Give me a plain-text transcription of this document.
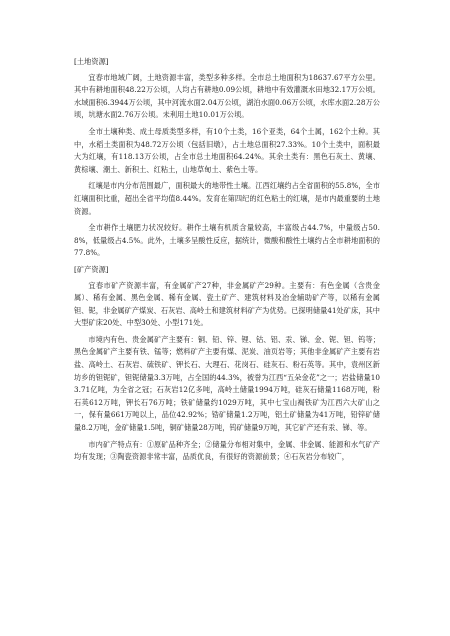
[土地资源]

宜春市地域广阔，土地资源丰富，类型多种多样。全市总土地面积为18637.67平方公里。其中有耕地面积48.22万公顷，人均占有耕地0.09公顷，耕地中有效灌溉水田地32.17万公顷。水域面积6.3944万公顷，其中河流水面2.04万公顷，湖泊水面0.06万公顷，水库水面2.28万公顷，坑塘水面2.76万公顷。未利用土地10.01万公顷。

全市土壤种类、成土母质类型多样，有10个土类，16个亚类，64个土属，162个土种。其中，水稻土类面积为48.72万公顷（包括旧墩），占土地总面积27.33%。10个土类中，面积最大为红壤，有118.13万公顷，占全市总土地面积64.24%。其余土类有：黑色石灰土、黄壤、黄棕壤、潮土、新积土、红粘土，山地草甸土、紫色土等。

红壤是市内分布范围最广，面积最大的地带性土壤。江西红壤约占全省面积的55.8%，全市红壤面积比重，超出全省平均值8.44%。发育在第四纪的红色粘土的红壤，是市内最重要的土地资源。

全市耕作土壤肥力状况较好。耕作土壤有机质含量较高，丰富级占44.7%，中量级占50.8%，低量级占4.5%。此外，土壤多呈酸性反应，据统计，微酸和酸性土壤约占全市耕地面积的77.8%。

[矿产资源]

宜春市矿产资源丰富，有金属矿产27种，非金属矿产29种。主要有：有色金属（含贵金属）、稀有金属、黑色金属、稀有金属、瓷土矿产、建筑材料及冶金辅助矿产等，以稀有金属钽、铌，非金属矿产煤炭、石灰岩、高岭土和建筑材料矿产为优势。已探明储量41处矿床，其中大型矿床20处、中型30处、小型171处。

市境内有色、贵金属矿产主要有：铜、铅、锌、锂、钴、铝、汞、锑、金、铌、钽、钨等；黑色金属矿产主要有铁、锰等；燃料矿产主要有煤、泥炭、油页岩等；其他非金属矿产主要有岩盐、高岭土、石灰岩、硫铁矿、钾长石、大理石、花岗石、硅灰石、粉石英等。其中，袁州区新坊乡的钽铌矿，钽铌储量3.3万吨，占全国的44.3%，被誉为江西“五朵金花”之一；岩盐储量103.71亿吨，为全省之冠；石灰岩12亿多吨，高岭土储量1994万吨，硅灰石储量1168万吨，粉石英612万吨，钾长石76万吨；铁矿储量约1029万吨，其中七宝山褐铁矿为江西六大矿山之一，保有量661万吨以上，品位42.92%；锆矿储量1.2万吨，铝土矿储量为41万吨，铅锌矿储量8.2万吨，金矿储量1.5吨，铜矿储量28万吨，钨矿储量9万吨，其它矿产还有汞、锑、等。

市内矿产特点有：①原矿品种齐全；②储量分布相对集中，金属、非金属、能源和水气矿产均有发现；③陶瓷资源非常丰富，品质优良，有很好的资源前景；④石灰岩分布较广，
